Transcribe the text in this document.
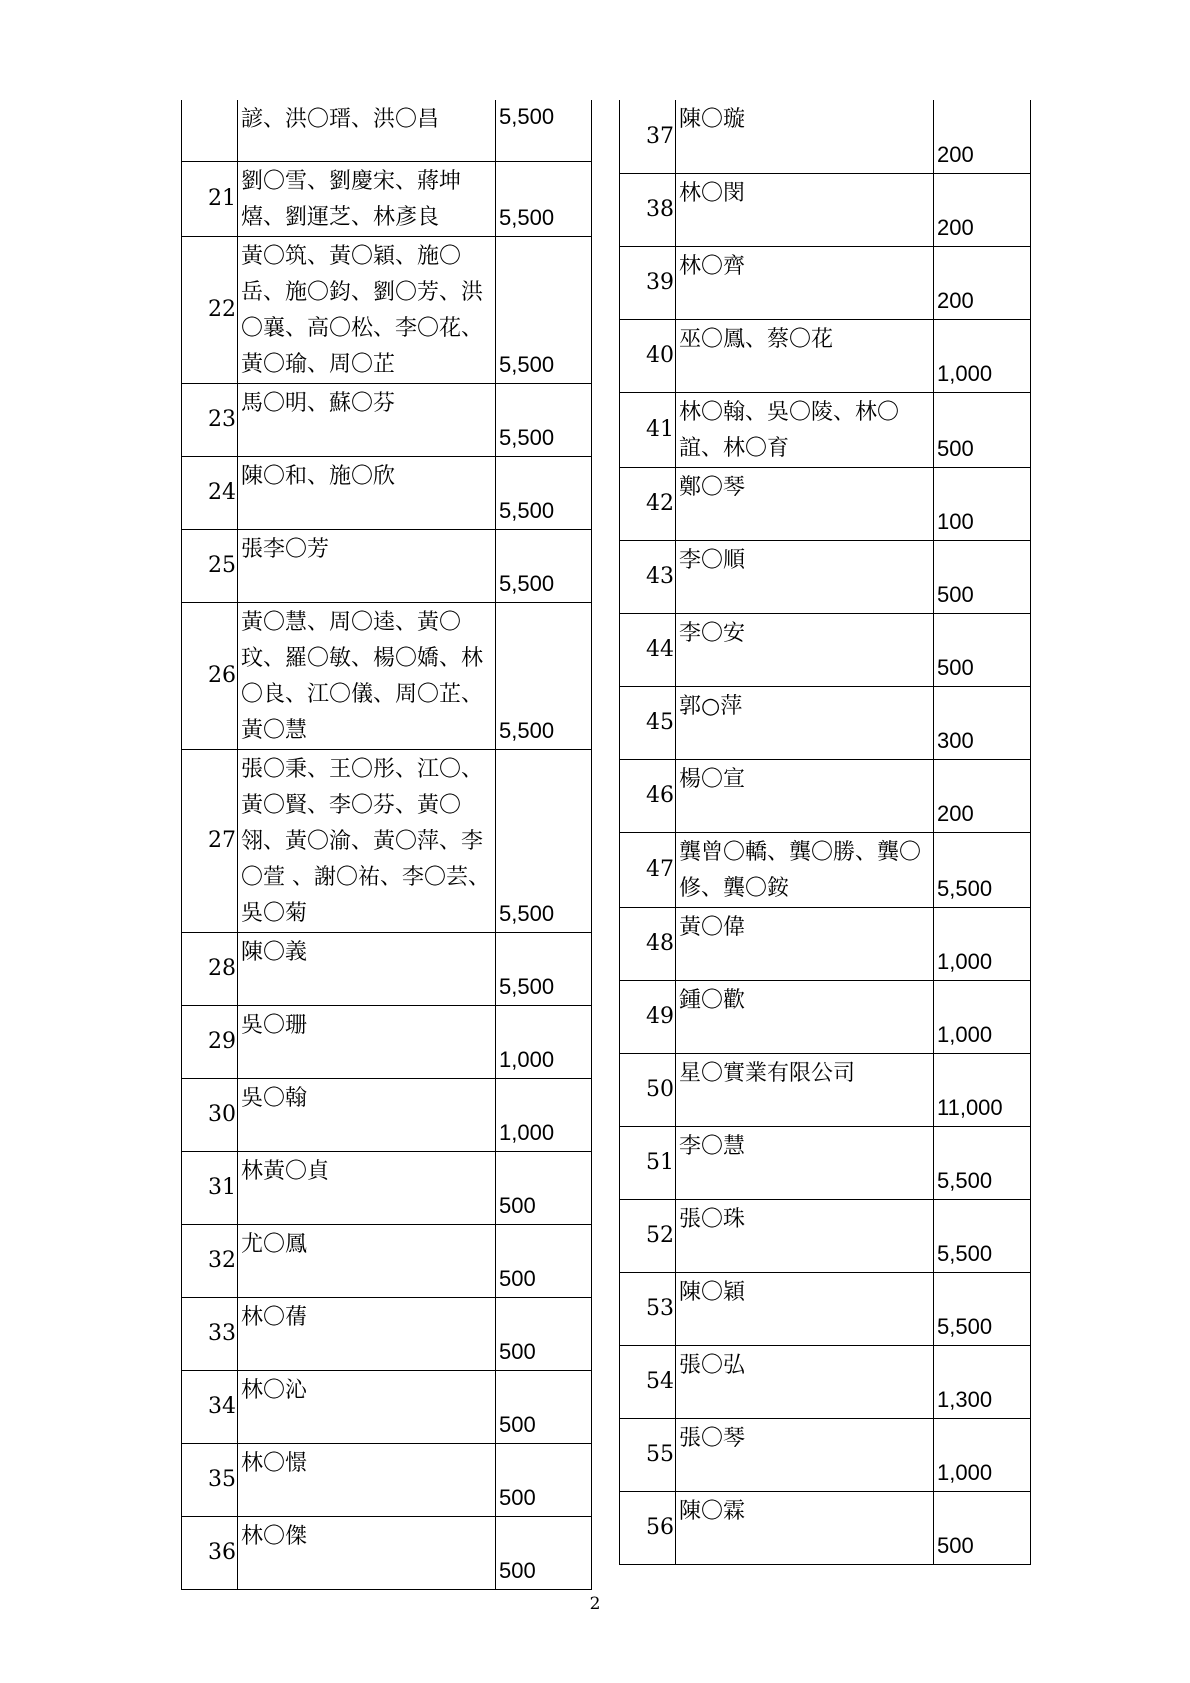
	諺、洪〇瑨、洪〇昌	5,500
21	劉〇雪、劉慶宋、蔣坤熺、劉運芝、林彥良	5,500
22	黃〇筑、黃〇穎、施〇岳、施〇鈞、劉〇芳、洪〇襄、高〇松、李〇花、黃〇瑜、周〇芷	5,500
23	馬〇明、蘇〇芬	5,500
24	陳〇和、施〇欣	5,500
25	張李〇芳	5,500
26	黃〇慧、周〇逵、黃〇玟、羅〇敏、楊〇嬌、林〇良、江〇儀、周〇芷、黃〇慧	5,500
27	張〇秉、王〇彤、江〇、黃〇賢、李〇芬、黃〇翎、黃〇渝、黃〇萍、李〇萱 、謝〇祐、李〇芸、吳〇菊	5,500
28	陳〇義	5,500
29	吳〇珊	1,000
30	吳〇翰	1,000
31	林黃〇貞	500
32	尤〇鳳	500
33	林〇蒨	500
34	林〇沁	500
35	林〇憬	500
36	林〇傑	500
37	陳〇璇	200
38	林〇閔	200
39	林〇齊	200
40	巫〇鳳、蔡〇花	1,000
41	林〇翰、吳〇陵、林〇誼、林〇育	500
42	鄭〇琴	100
43	李〇順	500
44	李〇安	500
45	郭○萍	300
46	楊〇宣	200
47	龔曾〇轎、龔〇勝、龔〇修、龔〇銨	5,500
48	黃〇偉	1,000
49	鍾〇歡	1,000
50	星〇實業有限公司	11,000
51	李〇慧	5,500
52	張〇珠	5,500
53	陳〇穎	5,500
54	張〇弘	1,300
55	張〇琴	1,000
56	陳〇霖	500
2
